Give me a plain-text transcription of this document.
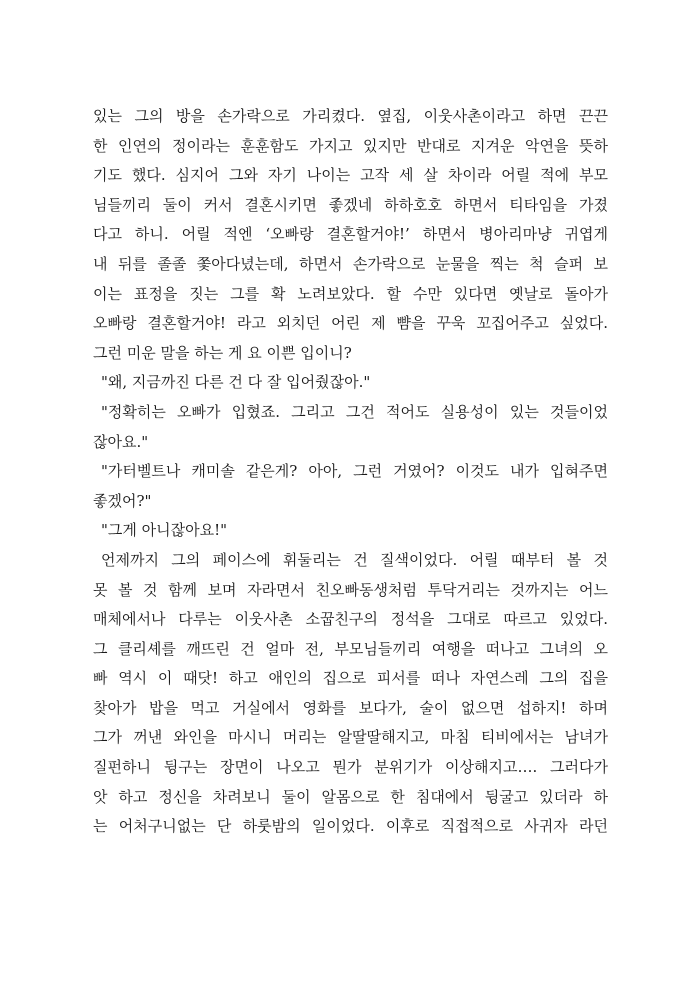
있는 그의 방을 손가락으로 가리켰다. 옆집, 이웃사촌이라고 하면 끈끈
한 인연의 정이라는 훈훈함도 가지고 있지만 반대로 지겨운 악연을 뜻하
기도 했다. 심지어 그와 자기 나이는 고작 세 살 차이라 어릴 적에 부모
님들끼리 둘이 커서 결혼시키면 좋겠네 하하호호 하면서 티타임을 가졌
다고 하니. 어릴 적엔 ‘오빠랑 결혼할거야!’ 하면서 병아리마냥 귀엽게
내 뒤를 졸졸 쫓아다녔는데, 하면서 손가락으로 눈물을 찍는 척 슬퍼 보
이는 표정을 짓는 그를 확 노려보았다. 할 수만 있다면 옛날로 돌아가
오빠랑 결혼할거야! 라고 외치던 어린 제 뺨을 꾸욱 꼬집어주고 싶었다.
그런 미운 말을 하는 게 요 이쁜 입이니?
"왜, 지금까진 다른 건 다 잘 입어줬잖아."
"정확히는 오빠가 입혔죠. 그리고 그건 적어도 실용성이 있는 것들이었
잖아요."
"가터벨트나 캐미솔 같은게? 아아, 그런 거였어? 이것도 내가 입혀주면
좋겠어?"
"그게 아니잖아요!"
언제까지 그의 페이스에 휘둘리는 건 질색이었다. 어릴 때부터 볼 것
못 볼 것 함께 보며 자라면서 친오빠동생처럼 투닥거리는 것까지는 어느
매체에서나 다루는 이웃사촌 소꿉친구의 정석을 그대로 따르고 있었다.
그 클리셰를 깨뜨린 건 얼마 전, 부모님들끼리 여행을 떠나고 그녀의 오
빠 역시 이 때닷! 하고 애인의 집으로 피서를 떠나 자연스레 그의 집을
찾아가 밥을 먹고 거실에서 영화를 보다가, 술이 없으면 섭하지! 하며
그가 꺼낸 와인을 마시니 머리는 알딸딸해지고, 마침 티비에서는 남녀가
질펀하니 뒹구는 장면이 나오고 뭔가 분위기가 이상해지고…. 그러다가
앗 하고 정신을 차려보니 둘이 알몸으로 한 침대에서 뒹굴고 있더라 하
는 어처구니없는 단 하룻밤의 일이었다. 이후로 직접적으로 사귀자 라던
